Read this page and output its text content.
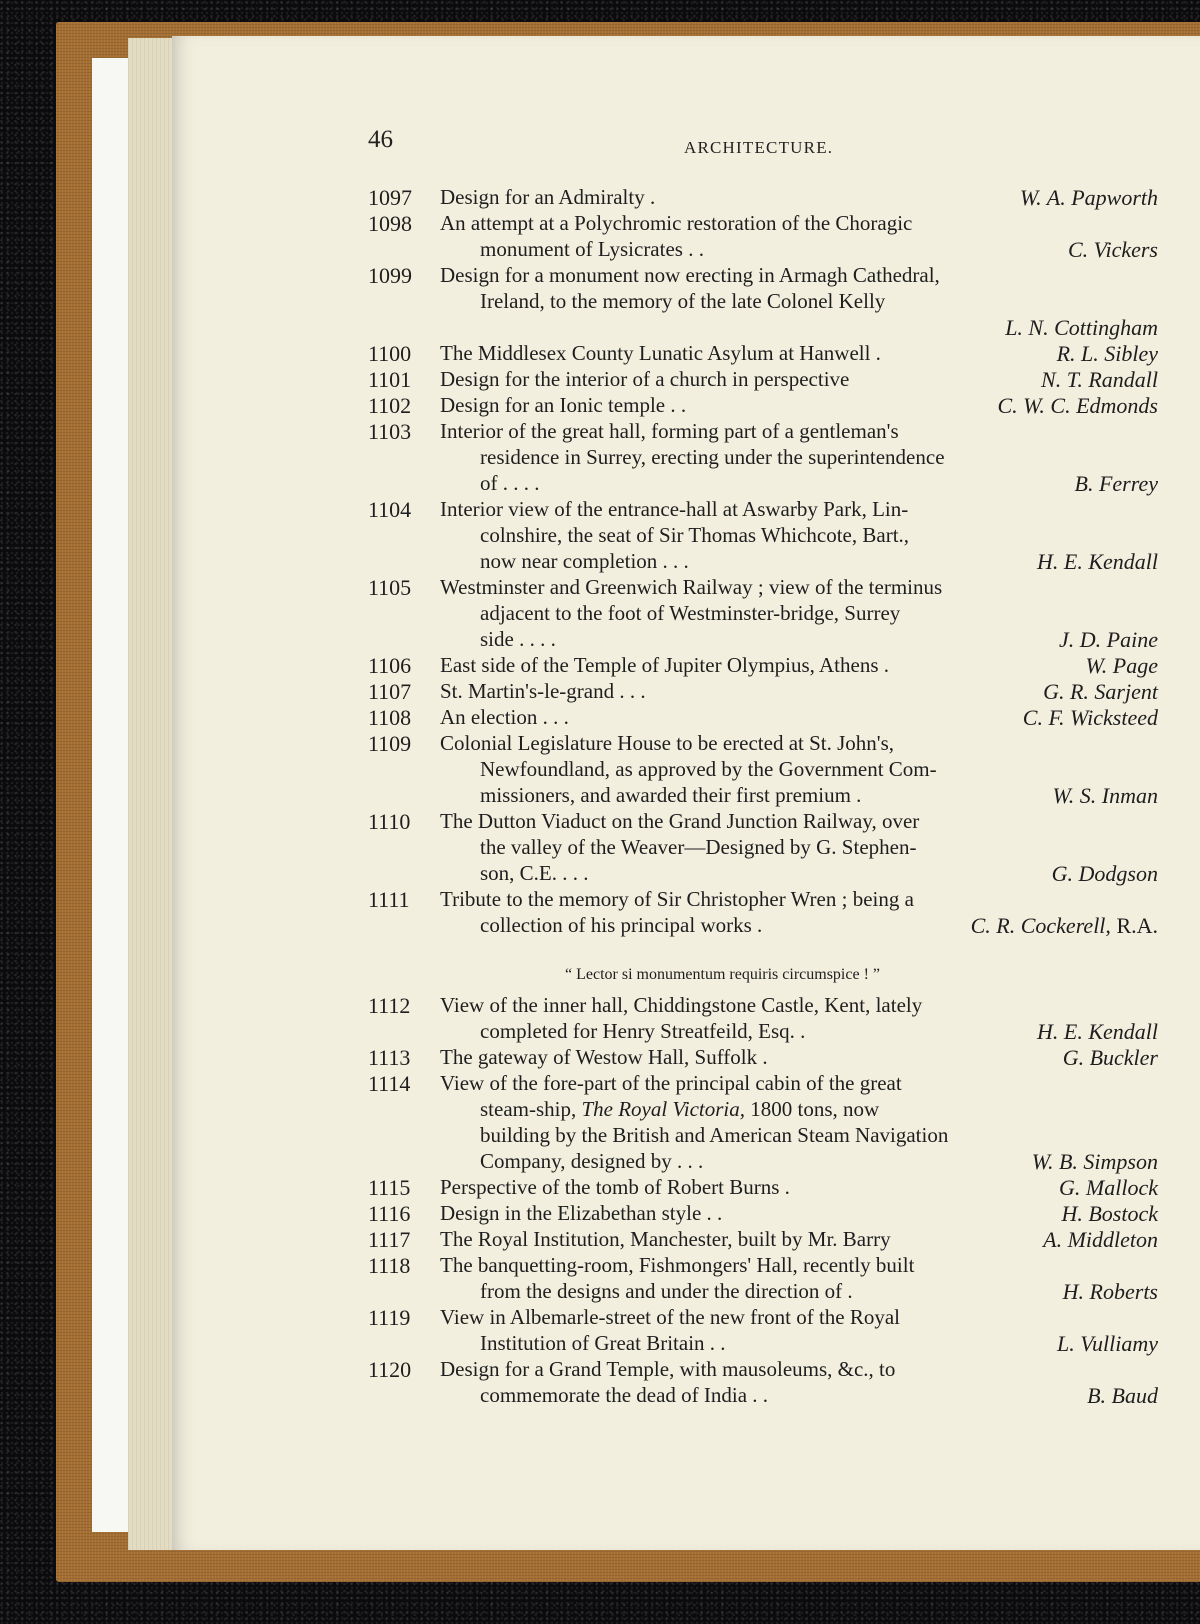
46	ARCHITECTURE.
1097 Design for an Admiralty .	W. A. Papworth
1098 An attempt at a Polychromic restoration of the Choragic
monument of Lysicrates . .	C. Vickers
1099 Design for a monument now erecting in Armagh Cathedral,
Ireland, to the memory of the late Colonel Kelly
L. N. Cottingham
1100 The Middlesex County Lunatic Asylum at Hanwell .	R. L. Sibley
1101 Design for the interior of a church in perspective	N. T. Randall
1102 Design for an Ionic temple . .	C. W. C. Edmonds
1103 Interior of the great hall, forming part of a gentleman's
residence in Surrey, erecting under the superintendence
of . . . .	B. Ferrey
1104 Interior view of the entrance-hall at Aswarby Park, Lin-
colnshire, the seat of Sir Thomas Whichcote, Bart.,
now near completion . . .	H. E. Kendall
1105 Westminster and Greenwich Railway ; view of the terminus
adjacent to the foot of Westminster-bridge, Surrey
side . . . .	J. D. Paine
1106 East side of the Temple of Jupiter Olympius, Athens .	W. Page
1107 St. Martin's-le-grand . . .	G. R. Sarjent
1108 An election . . .	C. F. Wicksteed
1109 Colonial Legislature House to be erected at St. John's,
Newfoundland, as approved by the Government Com-
missioners, and awarded their first premium .	W. S. Inman
1110 The Dutton Viaduct on the Grand Junction Railway, over
the valley of the Weaver—Designed by G. Stephen-
son, C.E. . . .	G. Dodgson
1111 Tribute to the memory of Sir Christopher Wren ; being a
collection of his principal works .	C. R. Cockerell, R.A.
1112 View of the inner hall, Chiddingstone Castle, Kent, lately
completed for Henry Streatfeild, Esq. .	H. E. Kendall
1113 The gateway of Westow Hall, Suffolk .	G. Buckler
1114 View of the fore-part of the principal cabin of the great
steam-ship, The Royal Victoria, 1800 tons, now
building by the British and American Steam Navigation
Company, designed by . . .	W. B. Simpson
1115 Perspective of the tomb of Robert Burns .	G. Mallock
1116 Design in the Elizabethan style . .	H. Bostock
1117 The Royal Institution, Manchester, built by Mr. Barry	A. Middleton
1118 The banquetting-room, Fishmongers' Hall, recently built
from the designs and under the direction of .	H. Roberts
1119 View in Albemarle-street of the new front of the Royal
Institution of Great Britain . .	L. Vulliamy
1120 Design for a Grand Temple, with mausoleums, &c., to
commemorate the dead of India . .	B. Baud
“ Lector si monumentum requiris circumspice ! ”
